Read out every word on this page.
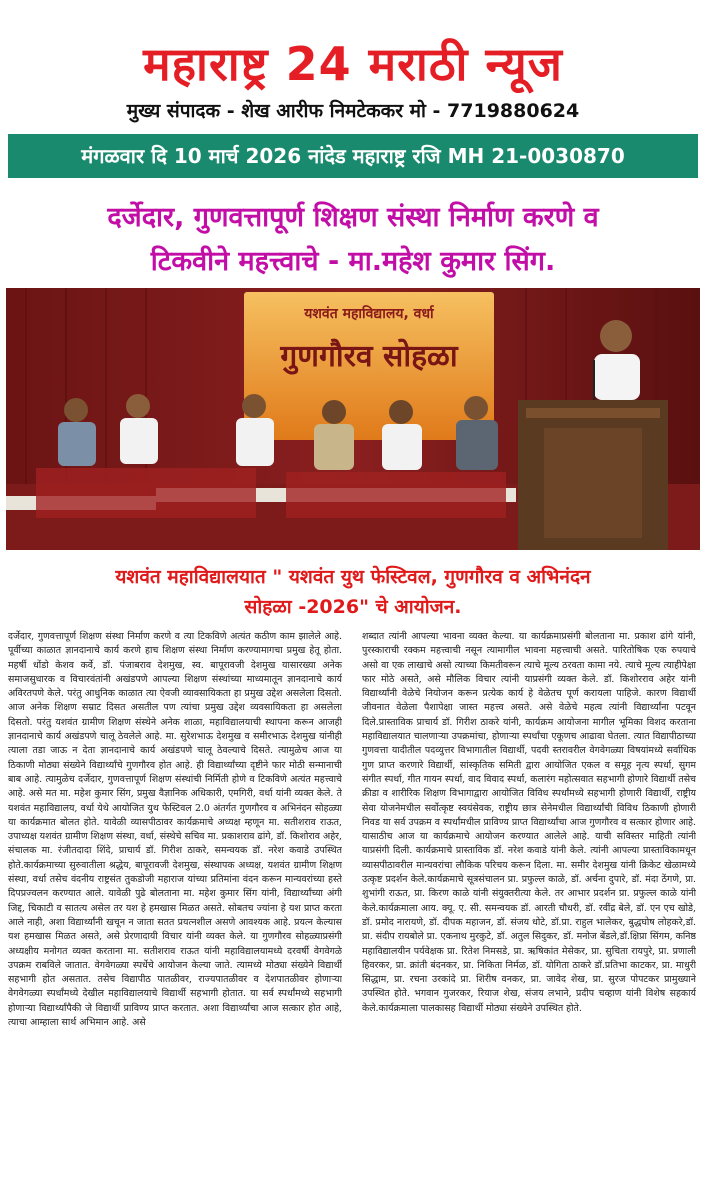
महाराष्ट्र 24 मराठी न्यूज
मुख्य संपादक - शेख आरीफ निमटेककर मो - 7719880624
मंगळवार दि 10 मार्च 2026 नांदेड महाराष्ट्र रजि MH 21-0030870
दर्जेदार, गुणवत्तापूर्ण शिक्षण संस्था निर्माण करणे व
टिकवीने महत्त्वाचे - मा.महेश कुमार सिंग.
यशवंत महाविद्यालय, वर्धा
गुणगौरव सोहळा
यशवंत महाविद्यालयात " यशवंत युथ फेस्टिवल, गुणगौरव व अभिनंदन
सोहळा -2026" चे आयोजन.
दर्जेदार, गुणवत्तापूर्ण शिक्षण संस्था निर्माण करणे व त्या टिकविणे अत्यंत कठीण काम झालेले आहे. पूर्वीच्या काळात ज्ञानदानाचे कार्य करणे हाच शिक्षण संस्था निर्माण करण्यामागचा प्रमुख हेतू होता. महर्षी धोंडो केशव कर्वे, डॉ. पंजाबराव देशमुख, स्व. बापूरावजी देशमुख यासारख्या अनेक समाजसुधारक व विचारवंतांनी अखंडपणे आपल्या शिक्षण संस्थांच्या माध्यमातून ज्ञानदानाचे कार्य अविरतपणे केले. परंतु आधुनिक काळात त्या ऐवजी व्यावसायिकता हा प्रमुख उद्देश असलेला दिसतो. आज अनेक शिक्षण सम्राट दिसत असतील पण त्यांचा प्रमुख उद्देश व्यवसायिकता हा असलेला दिसतो. परंतु यशवंत ग्रामीण शिक्षण संस्थेने अनेक शाळा, महाविद्यालयाची स्थापना करून आजही ज्ञानदानाचे कार्य अखंडपणे चालू ठेवलेले आहे. मा. सुरेशभाऊ देशमुख व समीरभाऊ देशमुख यांनीही त्याला तडा जाऊ न देता ज्ञानदानाचे कार्य अखंडपणे चालू ठेवल्याचे दिसते. त्यामुळेच आज या ठिकाणी मोठ्या संख्येने विद्यार्थ्यांचे गुणगौरव होत आहे. ही विद्यार्थ्यांच्या दृष्टीने फार मोठी सन्मानाची बाब आहे. त्यामुळेच दर्जेदार, गुणवत्तापूर्ण शिक्षण संस्थांची निर्मिती होणे व टिकविणे अत्यंत महत्त्वाचे आहे. असे मत मा. महेश कुमार सिंग, प्रमुख वैज्ञानिक अधिकारी, एमगिरी, वर्धा यांनी व्यक्त केले. ते यशवंत महाविद्यालय, वर्धा येथे आयोजित युथ फेस्टिवल 2.0 अंतर्गत गुणगौरव व अभिनंदन सोहळ्या या कार्यक्रमात बोलत होते. यावेळी व्यासपीठावर कार्यक्रमाचे अध्यक्ष म्हणून मा. सतीशराव राऊत, उपाध्यक्ष यशवंत ग्रामीण शिक्षण संस्था, वर्धा, संस्थेचे सचिव मा. प्रकाशराव ढांगे, डॉ. किशोराव अहेर, संचालक मा. रंजीतदादा शिंदे, प्राचार्य डॉ. गिरीश ठाकरे, समन्वयक डॉ. नरेश कवाडे उपस्थित होते.कार्यक्रमाच्या सुरुवातीला श्रद्धेय, बापूरावजी देशमुख, संस्थापक अध्यक्ष, यशवंत ग्रामीण शिक्षण संस्था, वर्धा तसेच वंदनीय राष्ट्रसंत तुकडोजी महाराज यांच्या प्रतिमांना वंदन करून मान्यवरांच्या हस्ते दिपप्रज्वलन करण्यात आले. यावेळी पुढे बोलताना मा. महेश कुमार सिंग यांनी, विद्यार्थ्यांच्या अंगी जिद्द, चिकाटी व सातत्य असेल तर यश हे हमखास मिळत असते. सोबतच ज्यांना हे यश प्राप्त करता आले नाही, अशा विद्यार्थ्यांनी खचून न जाता सतत प्रयत्नशील असणे आवश्यक आहे. प्रयत्न केल्यास यश हमखास मिळत असते, असे प्रेरणादायी विचार यांनी व्यक्त केले. या गुणगौरव सोहळ्याप्रसंगी अध्यक्षीय मनोगत व्यक्त करताना मा. सतीशराव राऊत यांनी महाविद्यालयामध्ये दरवर्षी वेगवेगळे उपक्रम राबविले जातात. वेगवेगळ्या स्पर्धेचे आयोजन केल्या जाते. त्यामध्ये मोठ्या संख्येने विद्यार्थी सहभागी होत असतात. तसेच विद्यापीठ पातळीवर, राज्यपातळीवर व देशपातळीवर होणाऱ्या वेगवेगळ्या स्पर्धांमध्ये देखील महाविद्यालयाचे विद्यार्थी सहभागी होतात. या सर्व स्पर्धांमध्ये सहभागी होणाऱ्या विद्यार्थ्यांपैकी जे विद्यार्थी प्राविण्य प्राप्त करतात. अशा विद्यार्थ्यांचा आज सत्कार होत आहे, त्याचा आम्हाला सार्थ अभिमान आहे. असे
शब्दात त्यांनी आपल्या भावना व्यक्त केल्या. या कार्यक्रमाप्रसंगी बोलताना मा. प्रकाश ढांगे यांनी, पुरस्काराची रक्कम महत्त्वाची नसून त्यामागील भावना महत्त्वाची असते. पारितोषिक एक रुपयाचे असो वा एक लाखाचे असो त्याच्या किमतीवरून त्याचे मूल्य ठरवता कामा नये. त्याचे मूल्य त्याहीपेक्षा फार मोठे असते, असे मौलिक विचार त्यांनी याप्रसंगी व्यक्त केले. डॉ. किशोरराव अहेर यांनी विद्यार्थ्यांनी वेळेचे नियोजन करून प्रत्येक कार्य हे वेळेतच पूर्ण करायला पाहिजे. कारण विद्यार्थी जीवनात वेळेला पैशापेक्षा जास्त महत्त्व असते. असे वेळेचे महत्व त्यांनी विद्यार्थ्यांना पटवून दिले.प्रास्ताविक प्राचार्य डॉ. गिरीश ठाकरे यांनी, कार्यक्रम आयोजना मागील भूमिका विशद करताना महाविद्यालयात चालणाऱ्या उपक्रमांचा, होणाऱ्या स्पर्धांचा एकूणच आढावा घेतला. त्यात विद्यापीठाच्या गुणवत्ता यादीतील पदव्युत्तर विभागातील विद्यार्थी, पदवी स्तरावरील वेगवेगळ्या विषयांमध्ये सर्वाधिक गुण प्राप्त करणारे विद्यार्थी, सांस्कृतिक समिती द्वारा आयोजित एकल व समूह नृत्य स्पर्धा, सुगम संगीत स्पर्धा, गीत गायन स्पर्धा, वाद विवाद स्पर्धा, कलारंग महोत्सवात सहभागी होणारे विद्यार्थी तसेच क्रीडा व शारीरिक शिक्षण विभागाद्वारा आयोजित विविध स्पर्धांमध्ये सहभागी होणारी विद्यार्थी, राष्ट्रीय सेवा योजनेमधील सर्वोत्कृष्ट स्वयंसेवक, राष्ट्रीय छात्र सेनेमधील विद्यार्थ्यांची विविध ठिकाणी होणारी निवड या सर्व उपक्रम व स्पर्धांमधील प्राविण्य प्राप्त विद्यार्थ्यांचा आज गुणगौरव व सत्कार होणार आहे. यासाठीच आज या कार्यक्रमाचे आयोजन करण्यात आलेले आहे. याची सविस्तर माहिती त्यांनी याप्रसंगी दिली. कार्यक्रमाचे प्रास्ताविक डॉ. नरेश कवाडे यांनी केले. त्यांनी आपल्या प्रास्ताविकामधून व्यासपीठावरील मान्यवरांचा लौकिक परिचय करून दिला. मा. समीर देशमुख यांनी क्रिकेट खेळामध्ये उत्कृष्ट प्रदर्शन केले.कार्यक्रमाचे सूत्रसंचालन प्रा. प्रफुल्ल काळे, डॉ. अर्चना दुपारे, डॉ. मंदा ठेंगणे, प्रा. शुभांगी राऊत, प्रा. किरण काळे यांनी संयुक्तरीत्या केले. तर आभार प्रदर्शन प्रा. प्रफुल्ल काळे यांनी केले.कार्यक्रमाला आय. क्यू. ए. सी. समन्वयक डॉ. आरती चौधरी, डॉ. रवींद्र बेले, डॉ. एन एच खोडे, डॉ. प्रमोद नारायणे, डॉ. दीपक महाजन, डॉ. संजय धोटे, डॉ.प्रा. राहुल भालेकर, बुद्धघोष लोहकरे,डॉ. प्रा. संदीप रायबोले प्रा. एकनाथ मुरकुटे, डॉ. अतुल सिदुकर, डॉ. मनोज बेंडले,डॉ.क्षिप्रा सिंगम, कनिष्ठ महाविद्यालयीन पर्यवेक्षक प्रा. रितेश निमसडे, प्रा. ऋषिकांत मेसेकर, प्रा. सुचिता रायपुरे, प्रा. प्रणाली हिवरकर, प्रा. क्रांती बंदनकर, प्रा. निकिता निर्मळ, डॉ. योगिता ठाकरे डॉ.प्रतिभा काटकर, प्रा. माधुरी सिद्धाम, प्रा. रचना उरकांदे प्रा. शिरीष वनकर, प्रा. जावेद शेख, प्रा. सुरज पोपटकर प्रामुख्याने उपस्थित होते. भगवान गुजरकर, रियाज शेख, संजय लभाने, प्रदीप चव्हाण यांनी विशेष सहकार्य केले.कार्यक्रमाला पालकासह विद्यार्थी मोठ्या संख्येने उपस्थित होते.
